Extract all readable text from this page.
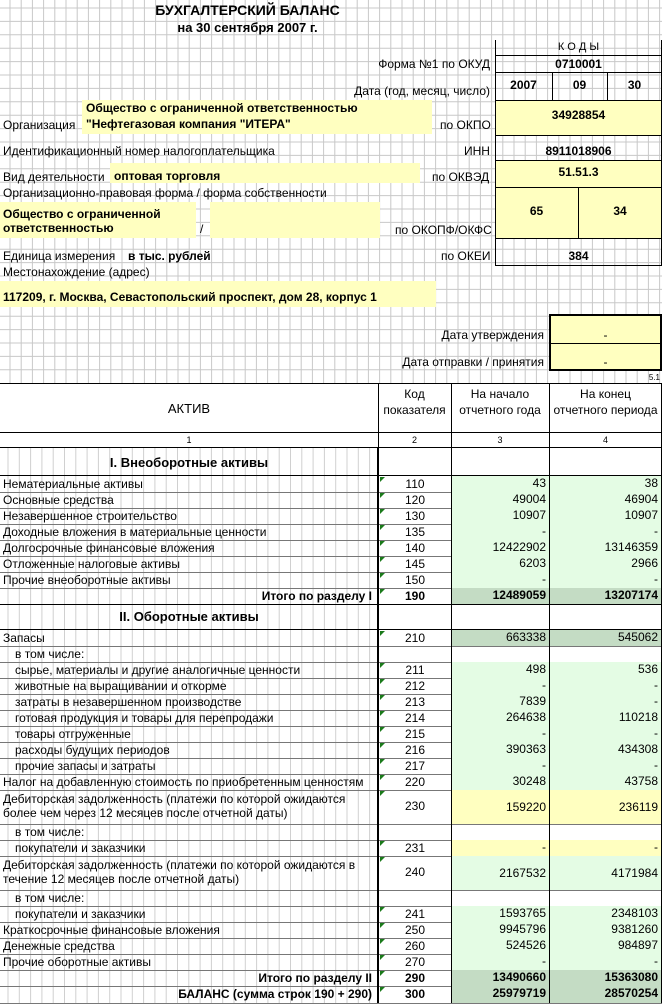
БУХГАЛТЕРСКИЙ БАЛАНС
на 30 сентября 2007 г.
К О Д Ы
Форма №1 по ОКУД	0710001
Дата (год, месяц, число)	2007	09	30
Организация
Общество с ограниченной ответственностью
"Нефтегазовая компания "ИТЕРА"	по ОКПО
34928854
Идентификационный номер налогоплательщика	ИНН	8911018906
Вид деятельности оптовая торговля	по ОКВЭД	51.51.3
Организационно-правовая форма / форма собственности
Общество с ограниченной
ответственностью	/	по ОКОПФ/ОКФС
65	34
Единица измерения в тыс. рублей	по ОКЕИ	384
Местонахождение (адрес)
117209, г. Москва, Севастопольский проспект, дом 28, корпус 1
Дата утверждения	-
Дата отправки / принятия	-
5.1
АКТИВ
Код
показателя
На начало
отчетного года
На конец
отчетного периода
1	2	3	4
I. Внеоборотные активы
II. Оборотные активы
Нематериальные активы	110	43	38
Основные средства	120	49004	46904
Незавершенное строительство	130	10907	10907
Доходные вложения в материальные ценности	135	-	-
Долгосрочные финансовые вложения	140	12422902	13146359
Отложенные налоговые активы	145	6203	2966
Прочие внеоборотные активы	150	-	-
Итого по разделу I	190	12489059	13207174
Запасы	210	663338	545062
в том числе:
сырье, материалы и другие аналогичные ценности	211	498	536
животные на выращивании и откорме	212	-	-
затраты в незавершенном производстве	213	7839	-
готовая продукция и товары для перепродажи	214	264638	110218
товары отгруженные	215	-	-
расходы будущих периодов	216	390363	434308
прочие запасы и затраты	217	-	-
Налог на добавленную стоимость по приобретенным ценностям	220	30248	43758
Дебиторская задолженность (платежи по которой ожидаются более чем через 12 месяцев после отчетной даты)	230	159220	236119
в том числе:
покупатели и заказчики	231	-	-
Дебиторская задолженность (платежи по которой ожидаются в течение 12 месяцев после отчетной даты)	240	2167532	4171984
в том числе:
покупатели и заказчики	241	1593765	2348103
Краткосрочные финансовые вложения	250	9945796	9381260
Денежные средства	260	524526	984897
Прочие оборотные активы	270	-	-
Итого по разделу II	290	13490660	15363080
БАЛАНС (сумма строк 190 + 290)	300	25979719	28570254
